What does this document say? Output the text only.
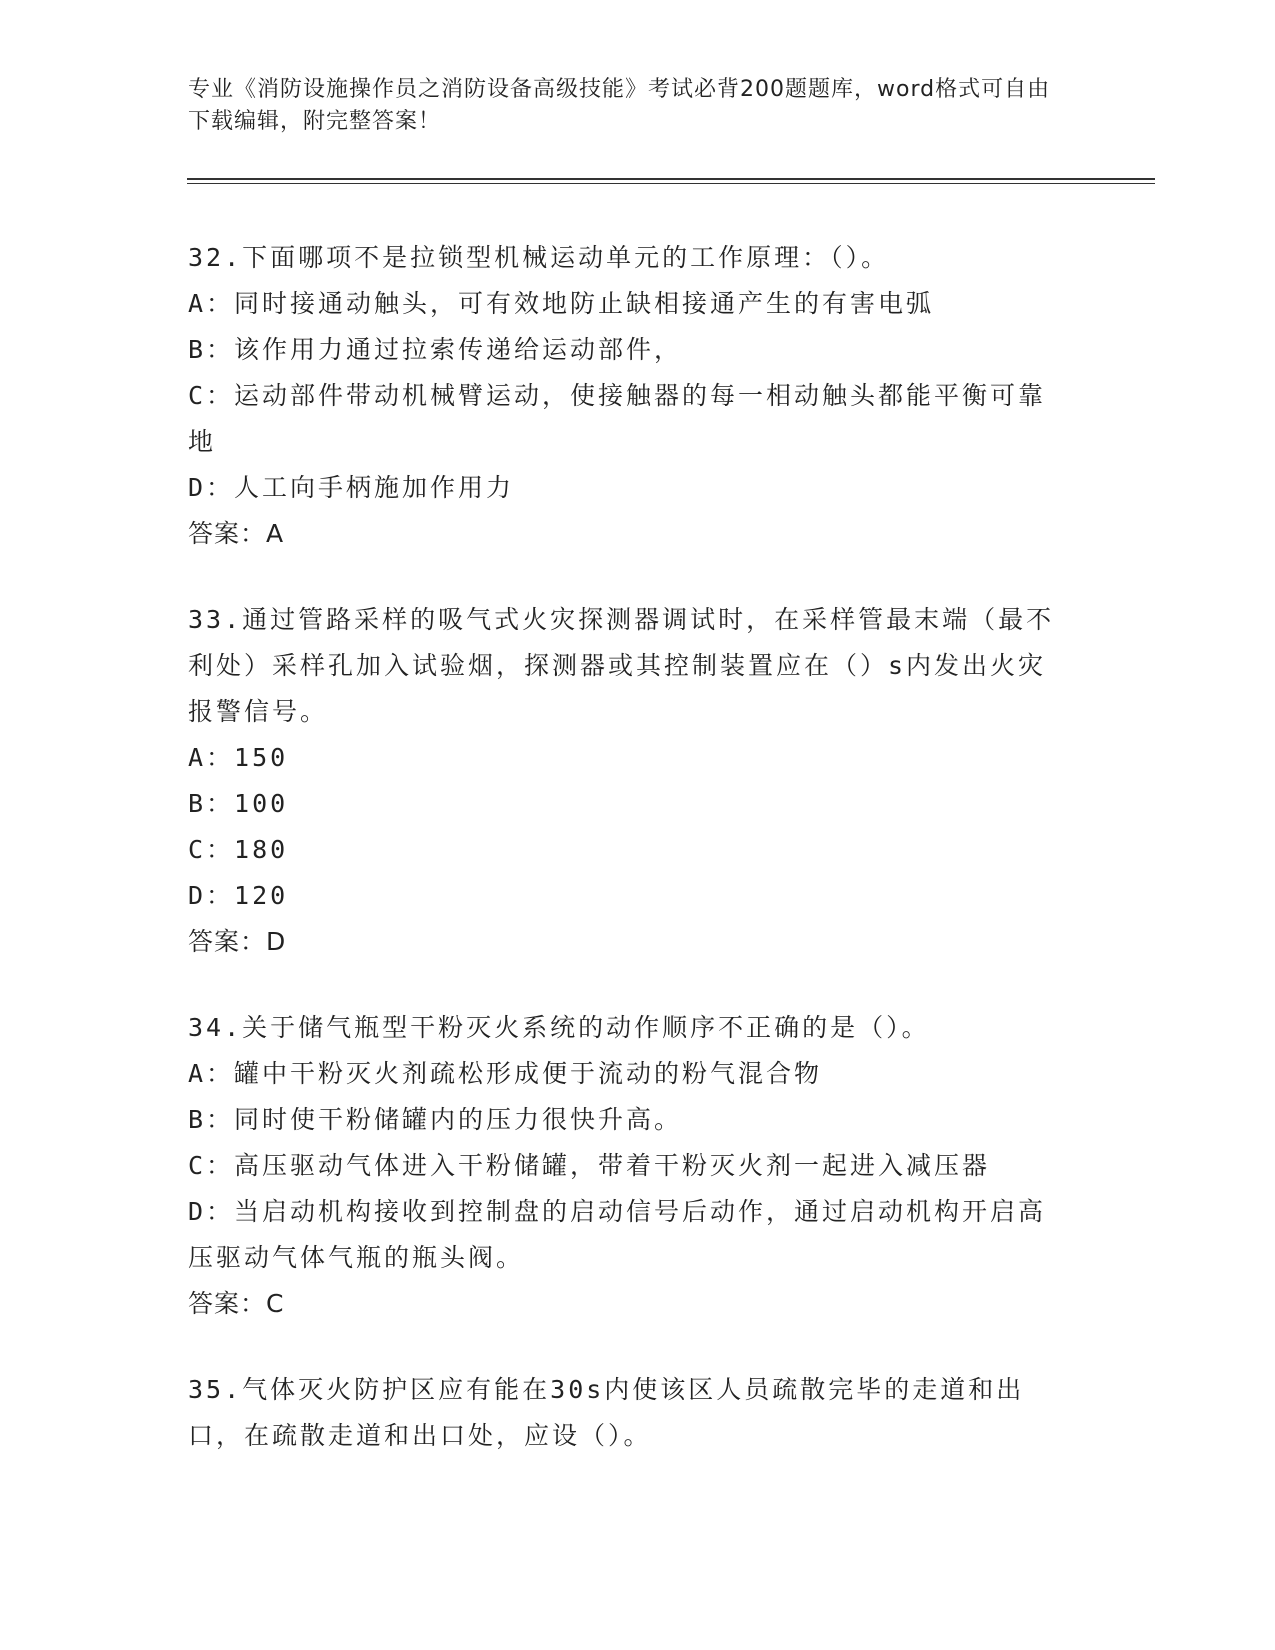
专业《消防设施操作员之消防设备高级技能》考试必背200题题库，word格式可自由下载编辑，附完整答案！
32.下面哪项不是拉锁型机械运动单元的工作原理：（）。
A：同时接通动触头，可有效地防止缺相接通产生的有害电弧
B：该作用力通过拉索传递给运动部件，
C：运动部件带动机械臂运动，使接触器的每一相动触头都能平衡可靠地
D：人工向手柄施加作用力
答案：A
33.通过管路采样的吸气式火灾探测器调试时，在采样管最末端（最不利处）采样孔加入试验烟，探测器或其控制装置应在（）s内发出火灾报警信号。
A：150
B：100
C：180
D：120
答案：D
34.关于储气瓶型干粉灭火系统的动作顺序不正确的是（）。
A：罐中干粉灭火剂疏松形成便于流动的粉气混合物
B：同时使干粉储罐内的压力很快升高。
C：高压驱动气体进入干粉储罐，带着干粉灭火剂一起进入减压器
D：当启动机构接收到控制盘的启动信号后动作，通过启动机构开启高压驱动气体气瓶的瓶头阀。
答案：C
35.气体灭火防护区应有能在30s内使该区人员疏散完毕的走道和出口，在疏散走道和出口处，应设（）。
